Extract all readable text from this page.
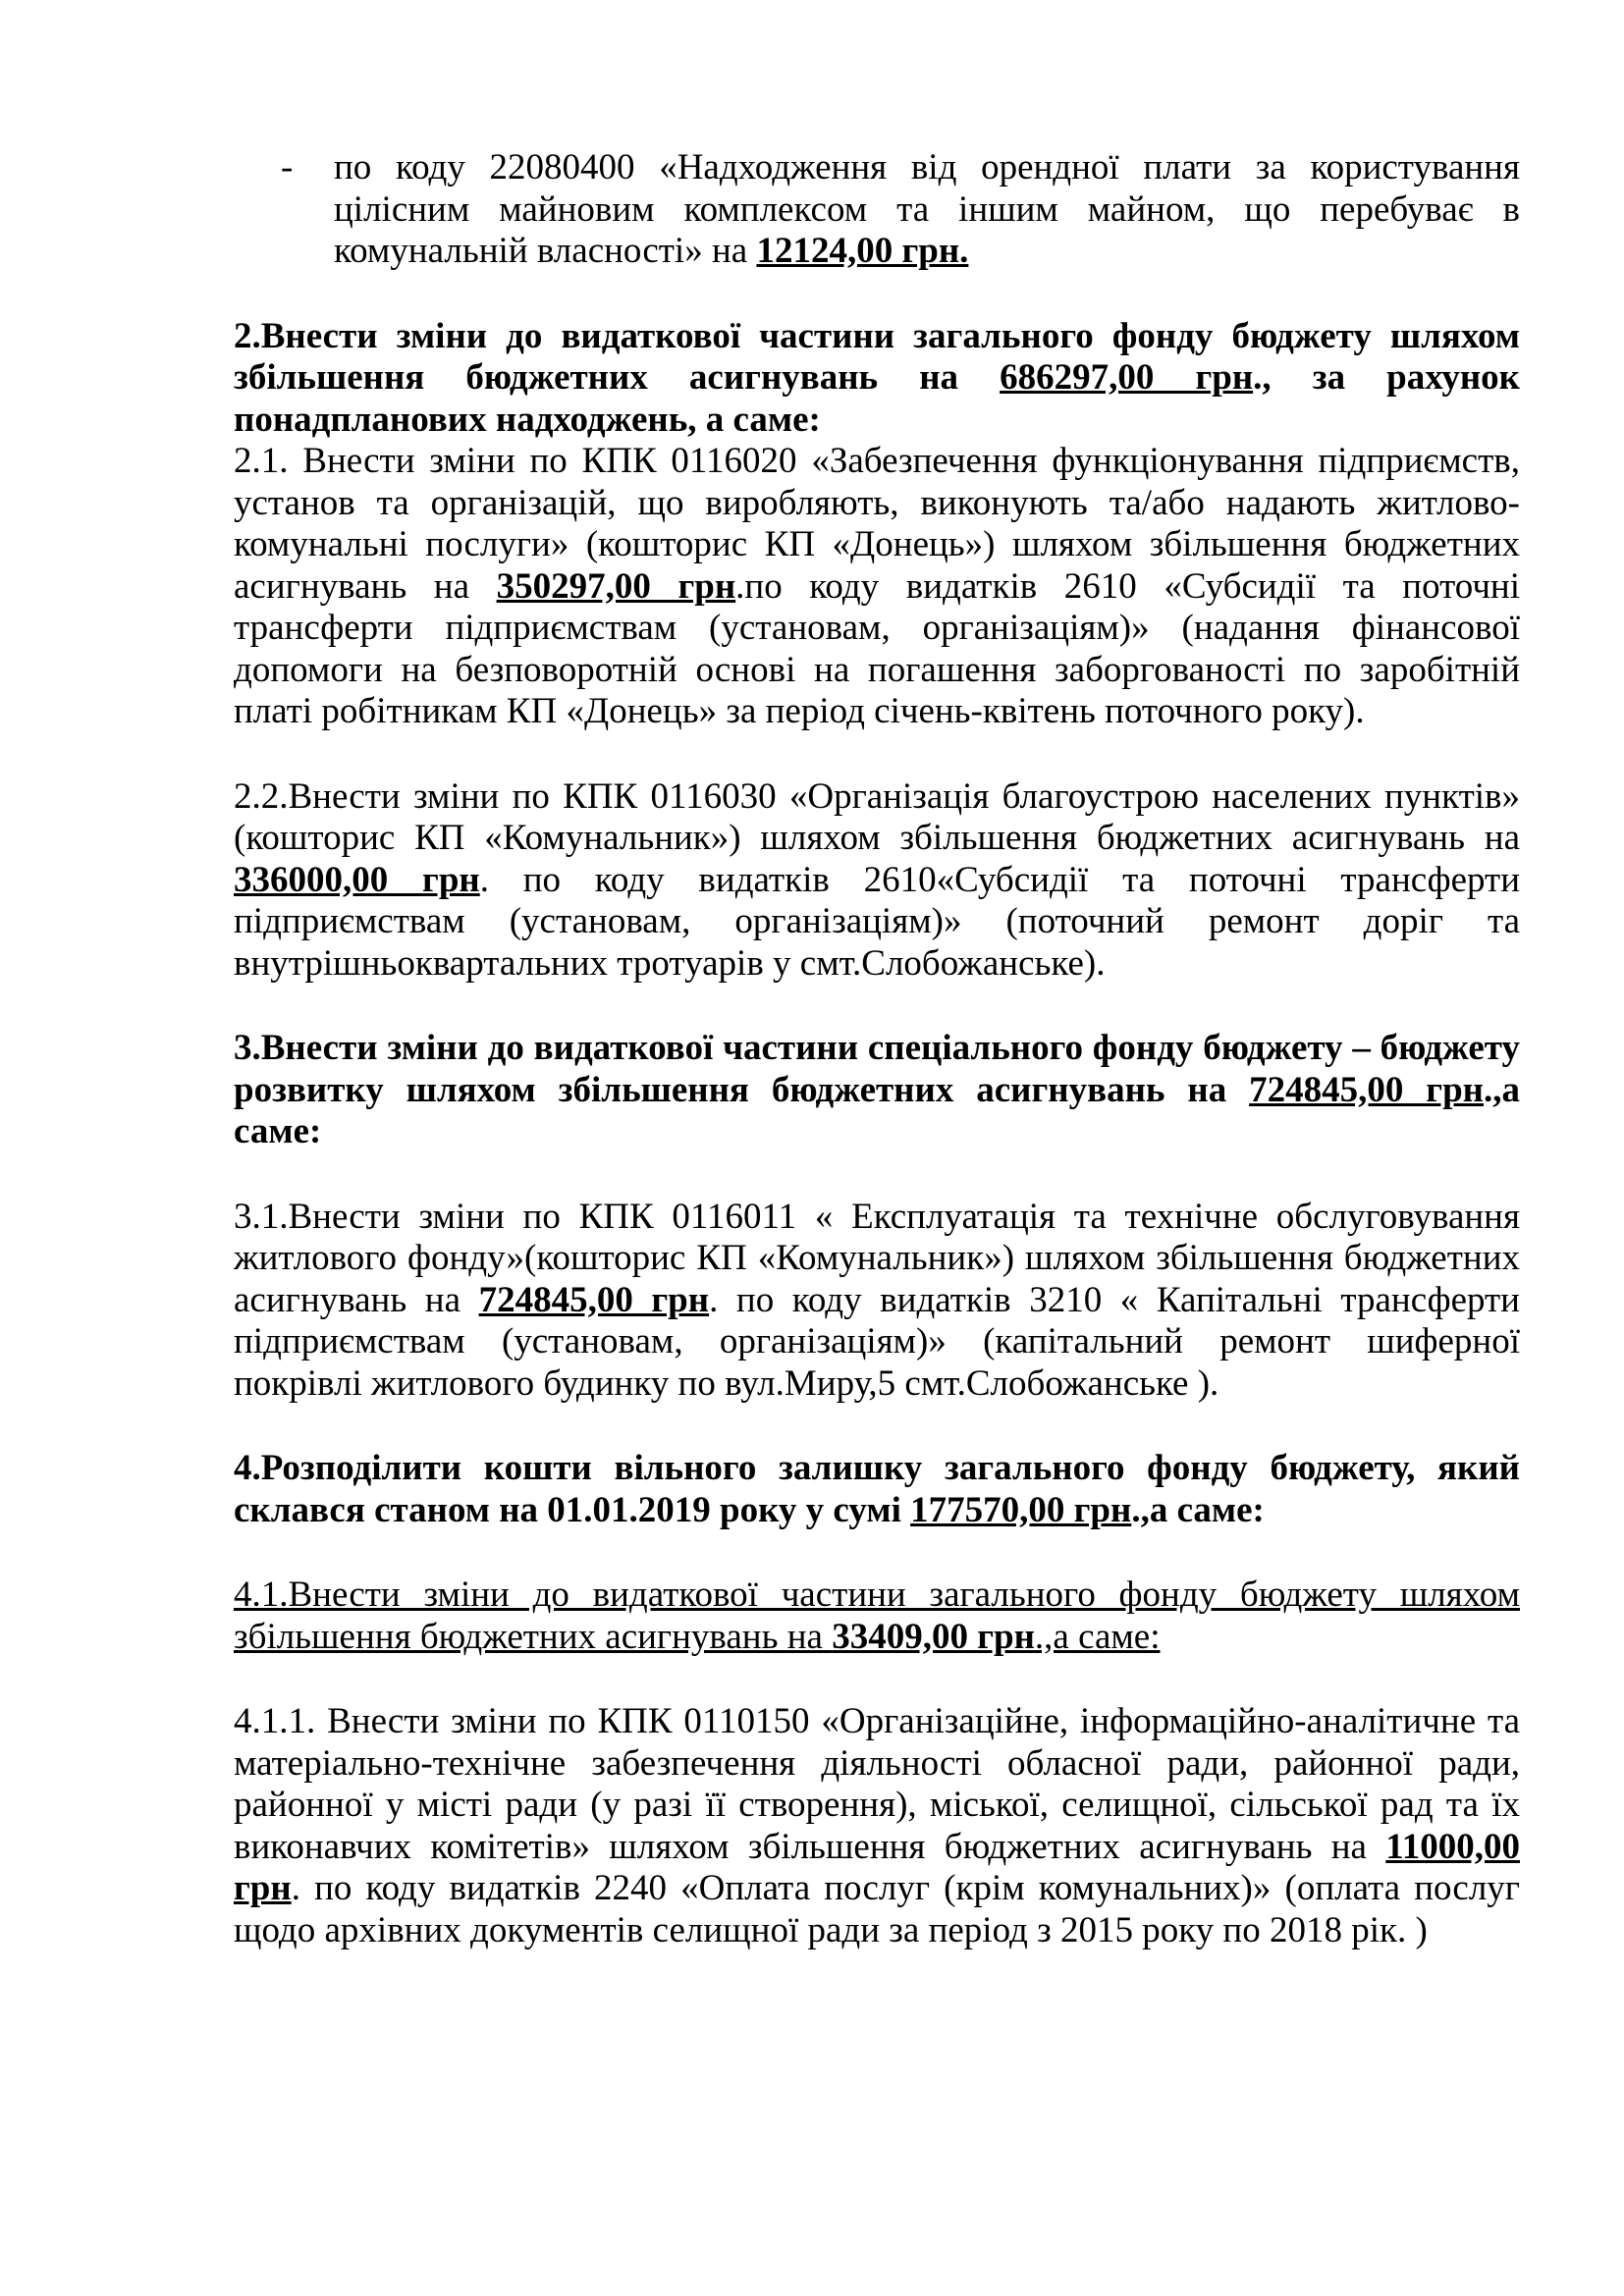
- по коду 22080400 «Надходження від орендної плати за користування цілісним майновим комплексом та іншим майном, що перебуває в комунальній власності» на 12124,00 грн.

2.Внести зміни до видаткової частини загального фонду бюджету шляхом збільшення бюджетних асигнувань на 686297,00 грн., за рахунок понадпланових надходжень, а саме:

2.1. Внести зміни по КПК 0116020 «Забезпечення функціонування підприємств, установ та організацій, що виробляють, виконують та/або надають житлово-комунальні послуги» (кошторис КП «Донець») шляхом збільшення бюджетних асигнувань на 350297,00 грн.по коду видатків 2610 «Субсидії та поточні трансферти підприємствам (установам, організаціям)» (надання фінансової допомоги на безповоротній основі на погашення заборгованості по заробітній платі робітникам КП «Донець» за період січень-квітень поточного року).

2.2.Внести зміни по КПК 0116030 «Організація благоустрою населених пунктів» (кошторис КП «Комунальник») шляхом збільшення бюджетних асигнувань на 336000,00 грн. по коду видатків 2610«Субсидії та поточні трансферти підприємствам (установам, організаціям)» (поточний ремонт доріг та внутрішньоквартальних тротуарів у смт.Слобожанське).

3.Внести зміни до видаткової частини спеціального фонду бюджету – бюджету розвитку шляхом збільшення бюджетних асигнувань на 724845,00 грн.,а саме:

3.1.Внести зміни по КПК 0116011 « Експлуатація та технічне обслуговування житлового фонду»(кошторис КП «Комунальник») шляхом збільшення бюджетних асигнувань на 724845,00 грн. по коду видатків 3210 « Капітальні трансферти підприємствам (установам, організаціям)» (капітальний ремонт шиферної покрівлі житлового будинку по вул.Миру,5 смт.Слобожанське ).

4.Розподілити кошти вільного залишку загального фонду бюджету, який склався станом на 01.01.2019 року у сумі 177570,00 грн.,а саме:

4.1.Внести зміни до видаткової частини загального фонду бюджету шляхом збільшення бюджетних асигнувань на 33409,00 грн.,а саме:

4.1.1. Внести зміни по КПК 0110150 «Організаційне, інформаційно-аналітичне та матеріально-технічне забезпечення діяльності обласної ради, районної ради, районної у місті ради (у разі її створення), міської, селищної, сільської рад та їх виконавчих комітетів» шляхом збільшення бюджетних асигнувань на 11000,00 грн. по коду видатків 2240 «Оплата послуг (крім комунальних)» (оплата послуг щодо архівних документів селищної ради за період з 2015 року по 2018 рік. )
